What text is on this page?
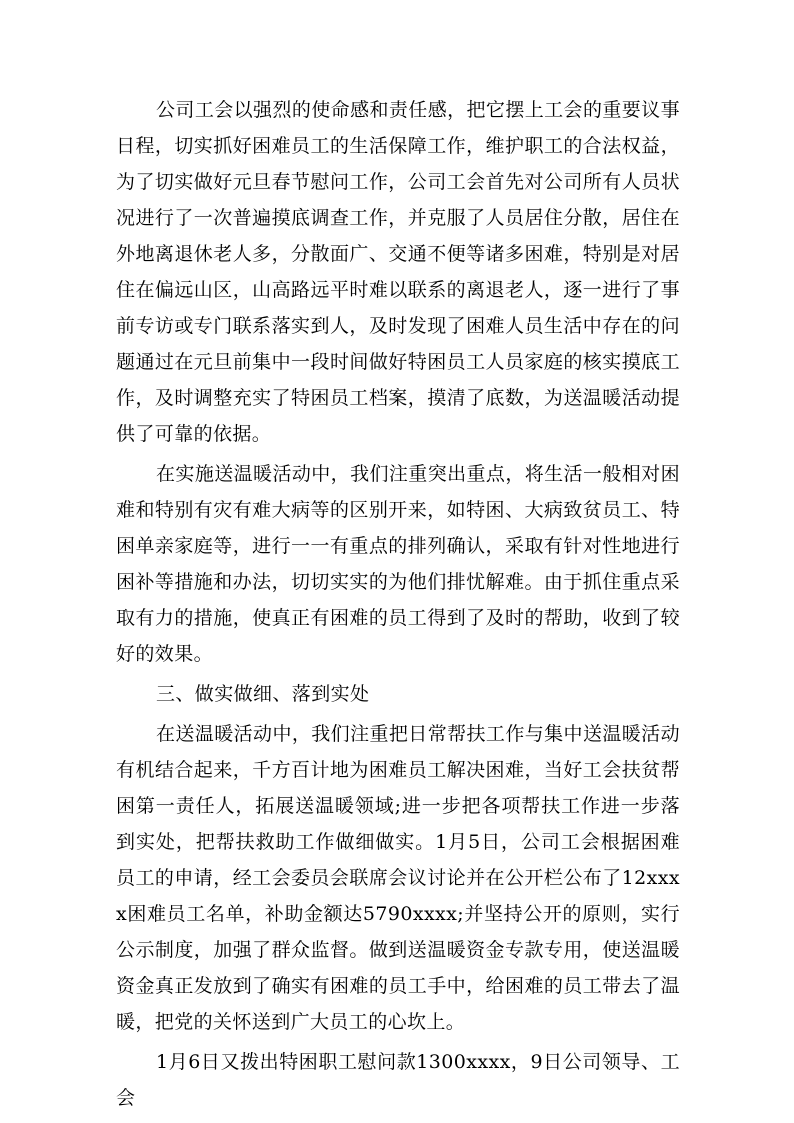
公司工会以强烈的使命感和责任感，把它摆上工会的重要议事日程，切实抓好困难员工的生活保障工作，维护职工的合法权益，为了切实做好元旦春节慰问工作，公司工会首先对公司所有人员状况进行了一次普遍摸底调查工作，并克服了人员居住分散，居住在外地离退休老人多，分散面广、交通不便等诸多困难，特别是对居住在偏远山区，山高路远平时难以联系的离退老人，逐一进行了事前专访或专门联系落实到人，及时发现了困难人员生活中存在的问题通过在元旦前集中一段时间做好特困员工人员家庭的核实摸底工作，及时调整充实了特困员工档案，摸清了底数，为送温暖活动提供了可靠的依据。

在实施送温暖活动中，我们注重突出重点，将生活一般相对困难和特别有灾有难大病等的区别开来，如特困、大病致贫员工、特困单亲家庭等，进行一一有重点的排列确认，采取有针对性地进行困补等措施和办法，切切实实的为他们排忧解难。由于抓住重点采取有力的措施，使真正有困难的员工得到了及时的帮助，收到了较好的效果。

三、做实做细、落到实处

在送温暖活动中，我们注重把日常帮扶工作与集中送温暖活动有机结合起来，千方百计地为困难员工解决困难，当好工会扶贫帮困第一责任人，拓展送温暖领域;进一步把各项帮扶工作进一步落到实处，把帮扶救助工作做细做实。1月5日，公司工会根据困难员工的申请，经工会委员会联席会议讨论并在公开栏公布了12xxxx困难员工名单，补助金额达5790xxxx;并坚持公开的原则，实行公示制度，加强了群众监督。做到送温暖资金专款专用，使送温暖资金真正发放到了确实有困难的员工手中，给困难的员工带去了温暖，把党的关怀送到广大员工的心坎上。

1月6日又拨出特困职工慰问款1300xxxx，9日公司领导、工会
